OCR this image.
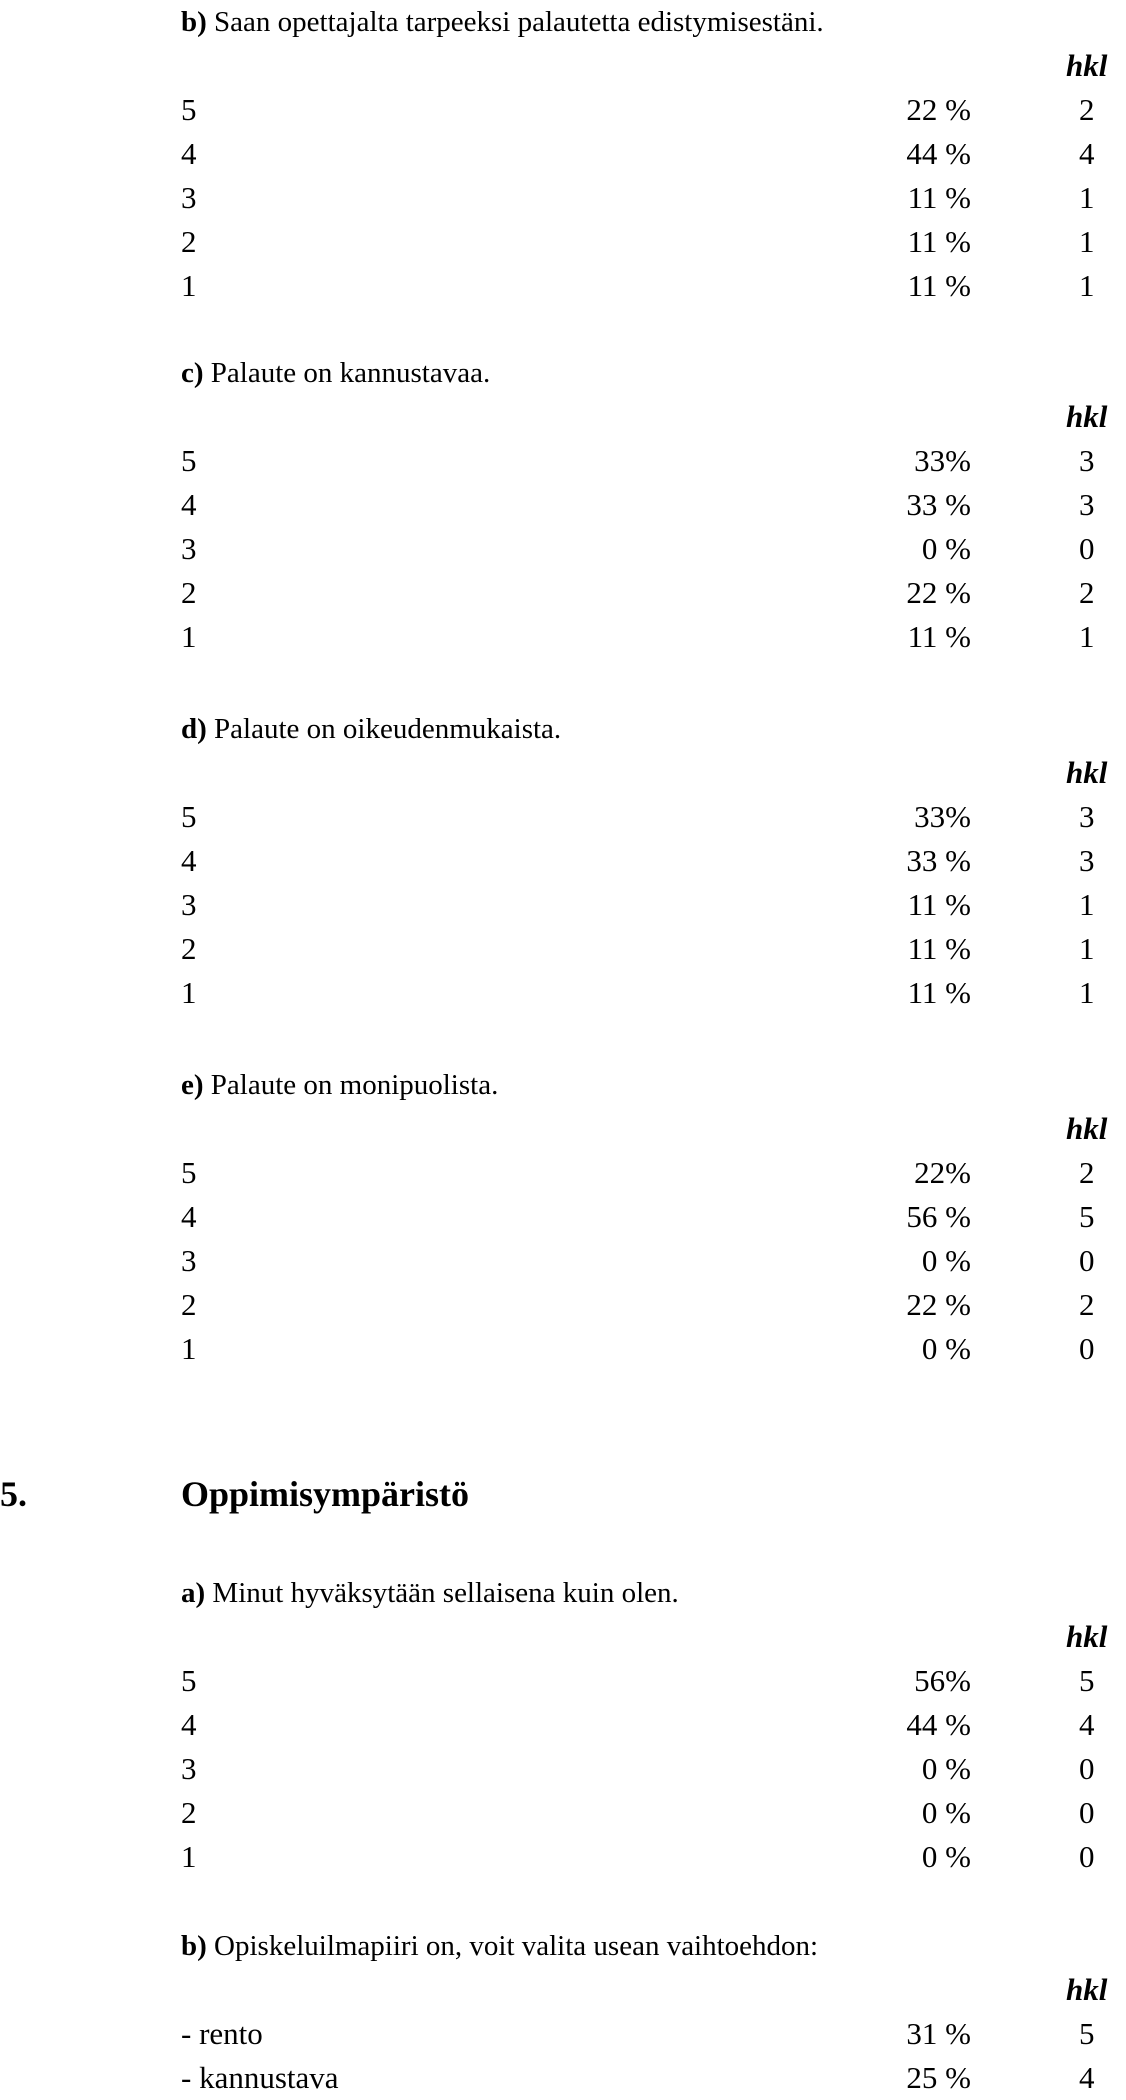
b) Saan opettajalta tarpeeksi palautetta edistymisestäni.
hkl
5	22 %	2
4	44 %	4
3	11 %	1
2	11 %	1
1	11 %	1
c) Palaute on kannustavaa.
hkl
5	33%	3
4	33 %	3
3	0 %	0
2	22 %	2
1	11 %	1
d) Palaute on oikeudenmukaista.
hkl
5	33%	3
4	33 %	3
3	11 %	1
2	11 %	1
1	11 %	1
e) Palaute on monipuolista.
hkl
5	22%	2
4	56 %	5
3	0 %	0
2	22 %	2
1	0 %	0
5.	Oppimisympäristö
a) Minut hyväksytään sellaisena kuin olen.
hkl
5	56%	5
4	44 %	4
3	0 %	0
2	0 %	0
1	0 %	0
b) Opiskeluilmapiiri on, voit valita usean vaihtoehdon:
hkl
- rento	31 %	5
- kannustava	25 %	4
